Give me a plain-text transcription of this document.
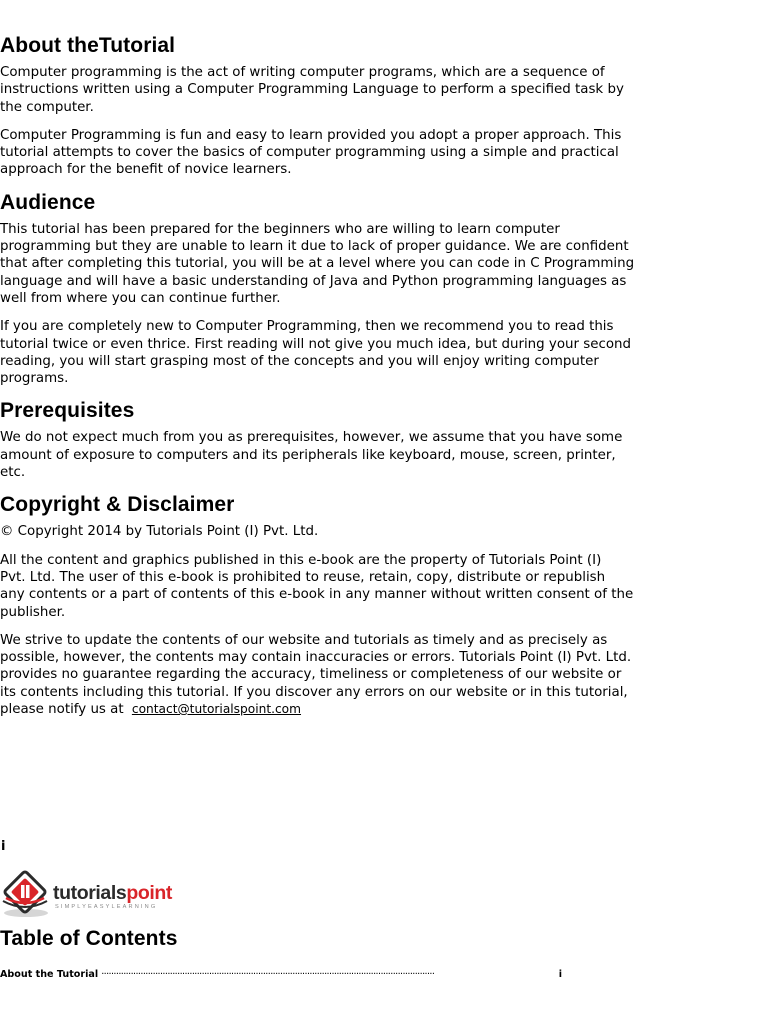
About theTutorial

Computer programming is the act of writing computer programs, which are a sequence of
instructions written using a Computer Programming Language to perform a specified task by
the computer.

Computer Programming is fun and easy to learn provided you adopt a proper approach. This
tutorial attempts to cover the basics of computer programming using a simple and practical
approach for the benefit of novice learners.

Audience

This tutorial has been prepared for the beginners who are willing to learn computer
programming but they are unable to learn it due to lack of proper guidance. We are confident
that after completing this tutorial, you will be at a level where you can code in C Programming
language and will have a basic understanding of Java and Python programming languages as
well from where you can continue further.

If you are completely new to Computer Programming, then we recommend you to read this
tutorial twice or even thrice. First reading will not give you much idea, but during your second
reading, you will start grasping most of the concepts and you will enjoy writing computer
programs.

Prerequisites

We do not expect much from you as prerequisites, however, we assume that you have some
amount of exposure to computers and its peripherals like keyboard, mouse, screen, printer,
etc.

Copyright & Disclaimer

© Copyright 2014 by Tutorials Point (I) Pvt. Ltd.

All the content and graphics published in this e-book are the property of Tutorials Point (I)
Pvt. Ltd. The user of this e-book is prohibited to reuse, retain, copy, distribute or republish
any contents or a part of contents of this e-book in any manner without written consent of the
publisher.

We strive to update the contents of our website and tutorials as timely and as precisely as
possible, however, the contents may contain inaccuracies or errors. Tutorials Point (I) Pvt. Ltd.
provides no guarantee regarding the accuracy, timeliness or completeness of our website or
its contents including this tutorial. If you discover any errors on our website or in this tutorial,
please notify us at contact@tutorialspoint.com

i
tutorialspoint
SIMPLYEASYLEARNING
Table of Contents
About the Tutorial
·····	i
